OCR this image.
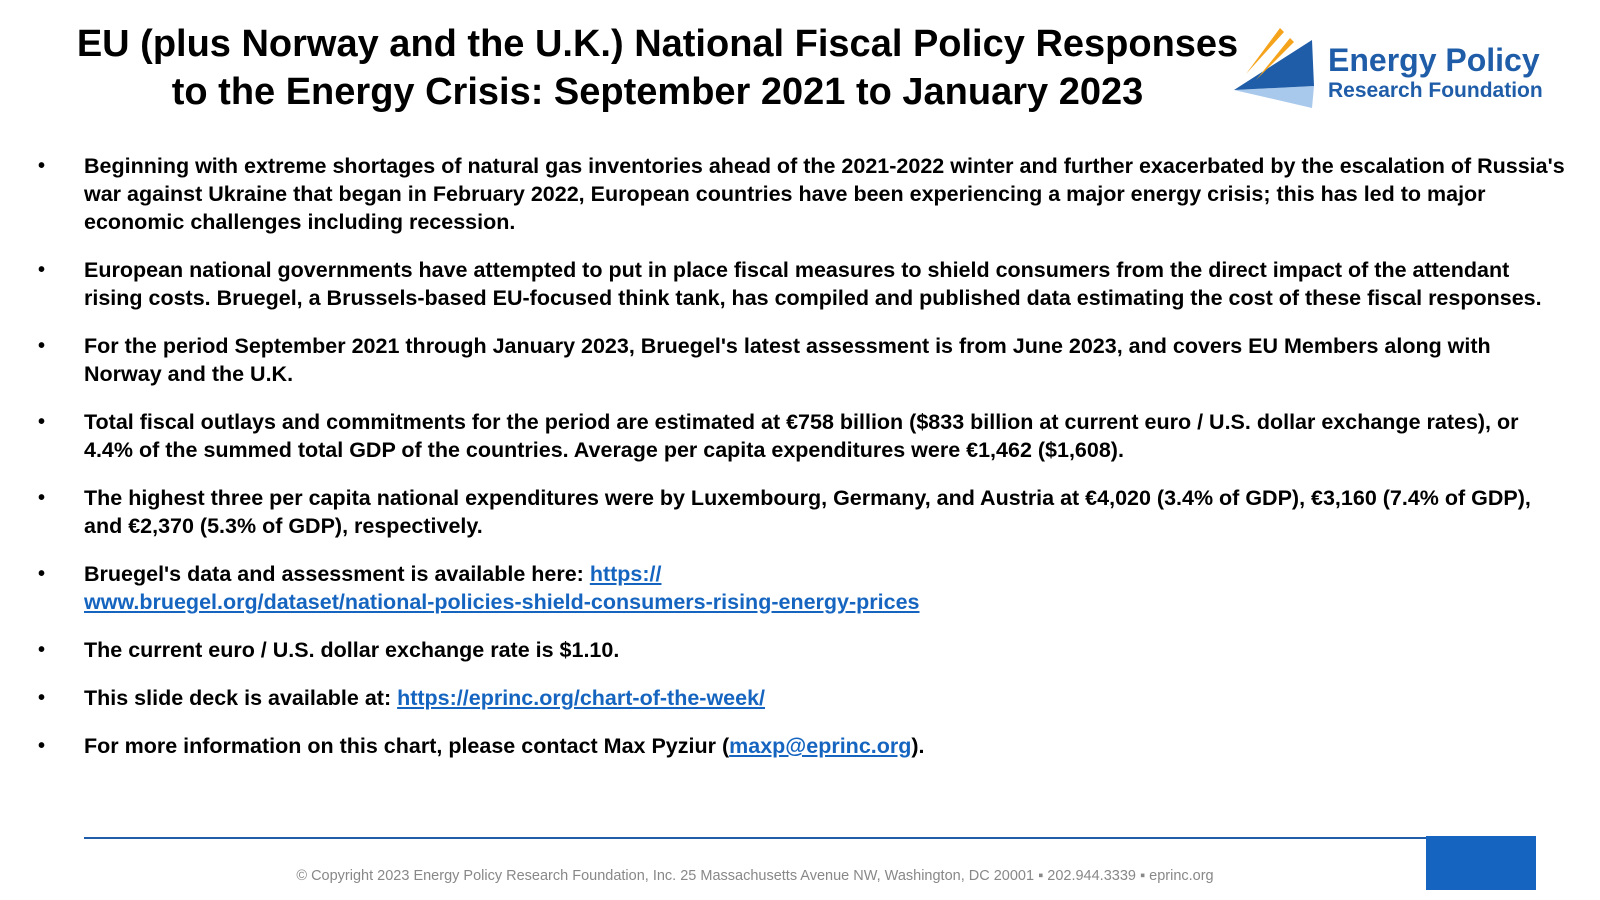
EU (plus Norway and the U.K.) National Fiscal Policy Responses
to the Energy Crisis: September 2021 to January 2023
Energy Policy
Research Foundation
• Beginning with extreme shortages of natural gas inventories ahead of the 2021-2022 winter and further exacerbated by the escalation of Russia's war against Ukraine that began in February 2022, European countries have been experiencing a major energy crisis; this has led to major economic challenges including recession.
• European national governments have attempted to put in place fiscal measures to shield consumers from the direct impact of the attendant rising costs. Bruegel, a Brussels-based EU-focused think tank, has compiled and published data estimating the cost of these fiscal responses.
• For the period September 2021 through January 2023, Bruegel's latest assessment is from June 2023, and covers EU Members along with Norway and the U.K.
• Total fiscal outlays and commitments for the period are estimated at €758 billion ($833 billion at current euro / U.S. dollar exchange rates), or 4.4% of the summed total GDP of the countries. Average per capita expenditures were €1,462 ($1,608).
• The highest three per capita national expenditures were by Luxembourg, Germany, and Austria at €4,020 (3.4% of GDP), €3,160 (7.4% of GDP), and €2,370 (5.3% of GDP), respectively.
• Bruegel's data and assessment is available here: https://
www.bruegel.org/dataset/national-policies-shield-consumers-rising-energy-prices
• The current euro / U.S. dollar exchange rate is $1.10.
• This slide deck is available at: https://eprinc.org/chart-of-the-week/
• For more information on this chart, please contact Max Pyziur (maxp@eprinc.org).
© Copyright 2023 Energy Policy Research Foundation, Inc. 25 Massachusetts Avenue NW, Washington, DC 20001 ▪ 202.944.3339 ▪ eprinc.org
